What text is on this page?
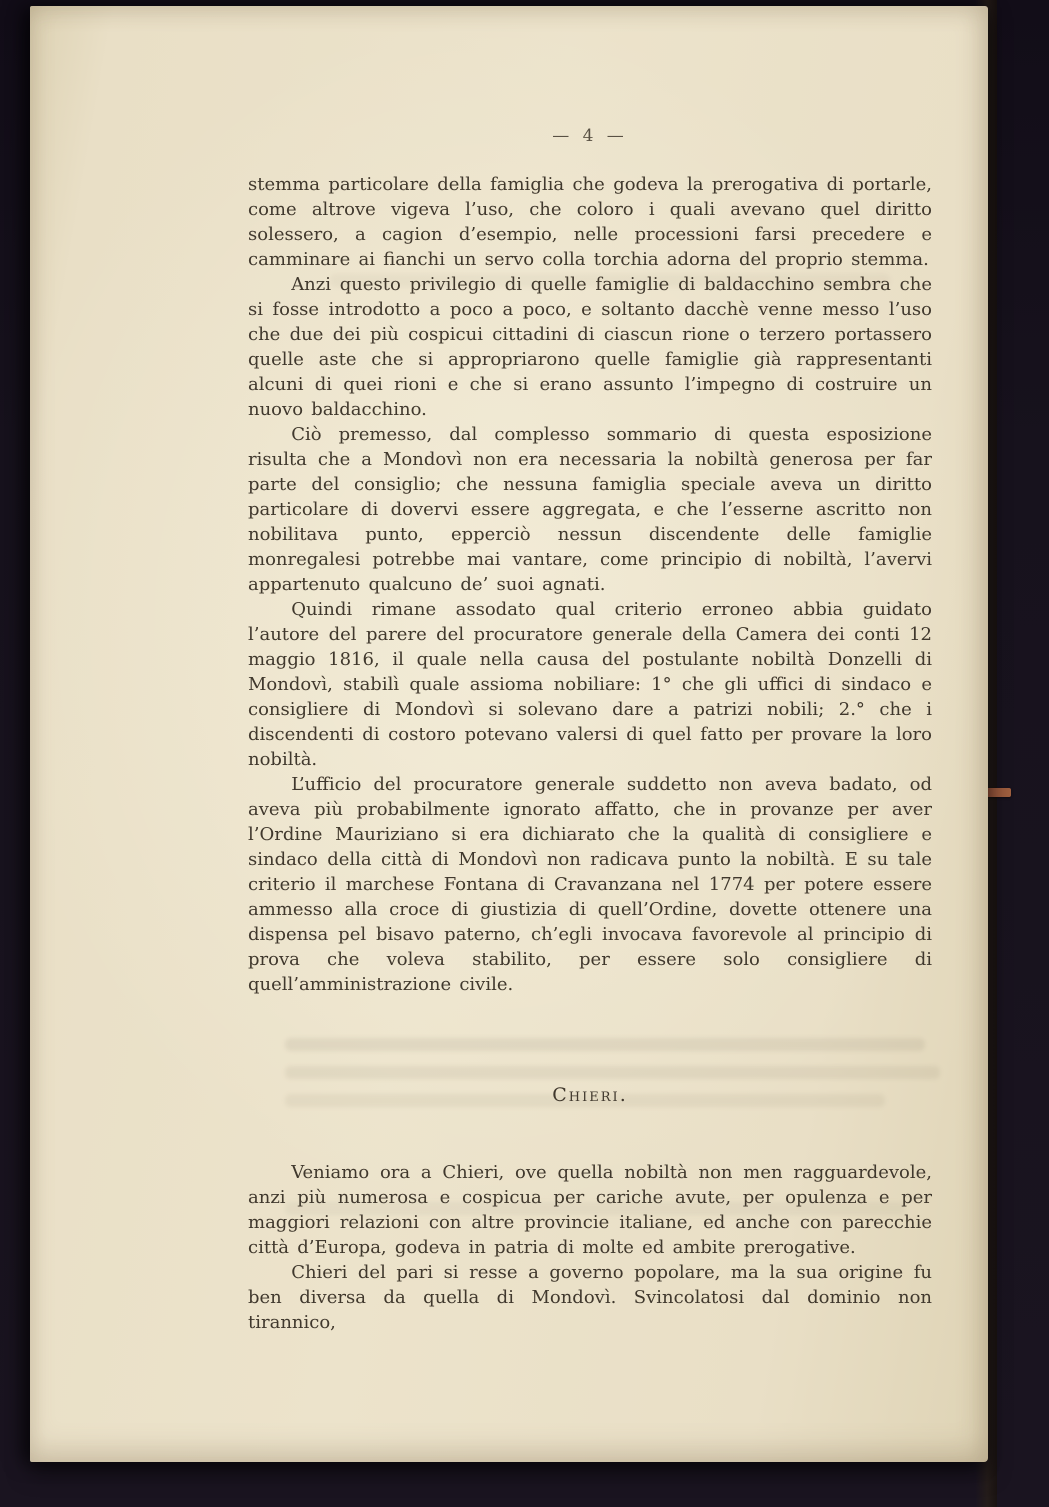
— 4 —

stemma particolare della famiglia che godeva la prerogativa di portarle, come altrove vigeva l’uso, che coloro i quali avevano quel diritto solessero, a cagion d’esempio, nelle processioni farsi precedere e camminare ai fianchi un servo colla torchia adorna del proprio stemma.

Anzi questo privilegio di quelle famiglie di baldacchino sembra che si fosse introdotto a poco a poco, e soltanto dacchè venne messo l’uso che due dei più cospicui cittadini di ciascun rione o terzero portassero quelle aste che si appropriarono quelle famiglie già rappresentanti alcuni di quei rioni e che si erano assunto l’impegno di costruire un nuovo baldacchino.

Ciò premesso, dal complesso sommario di questa esposizione risulta che a Mondovì non era necessaria la nobiltà generosa per far parte del consiglio; che nessuna famiglia speciale aveva un diritto particolare di dovervi essere aggregata, e che l’esserne ascritto non nobilitava punto, epperciò nessun discendente delle famiglie monregalesi potrebbe mai vantare, come principio di nobiltà, l’avervi appartenuto qualcuno de’ suoi agnati.

Quindi rimane assodato qual criterio erroneo abbia guidato l’autore del parere del procuratore generale della Camera dei conti 12 maggio 1816, il quale nella causa del postulante nobiltà Donzelli di Mondovì, stabilì quale assioma nobiliare: 1° che gli uffici di sindaco e consigliere di Mondovì si solevano dare a patrizi nobili; 2.° che i discendenti di costoro potevano valersi di quel fatto per provare la loro nobiltà.

L’ufficio del procuratore generale suddetto non aveva badato, od aveva più probabilmente ignorato affatto, che in provanze per aver l’Ordine Mauriziano si era dichiarato che la qualità di consigliere e sindaco della città di Mondovì non radicava punto la nobiltà. E su tale criterio il marchese Fontana di Cravanzana nel 1774 per potere essere ammesso alla croce di giustizia di quell’Ordine, dovette ottenere una dispensa pel bisavo paterno, ch’egli invocava favorevole al principio di prova che voleva stabilito, per essere solo consigliere di quell’amministrazione civile.

Chieri.

Veniamo ora a Chieri, ove quella nobiltà non men ragguardevole, anzi più numerosa e cospicua per cariche avute, per opulenza e per maggiori relazioni con altre provincie italiane, ed anche con parecchie città d’Europa, godeva in patria di molte ed ambite prerogative.

Chieri del pari si resse a governo popolare, ma la sua origine fu ben diversa da quella di Mondovì. Svincolatosi dal dominio non tirannico,
